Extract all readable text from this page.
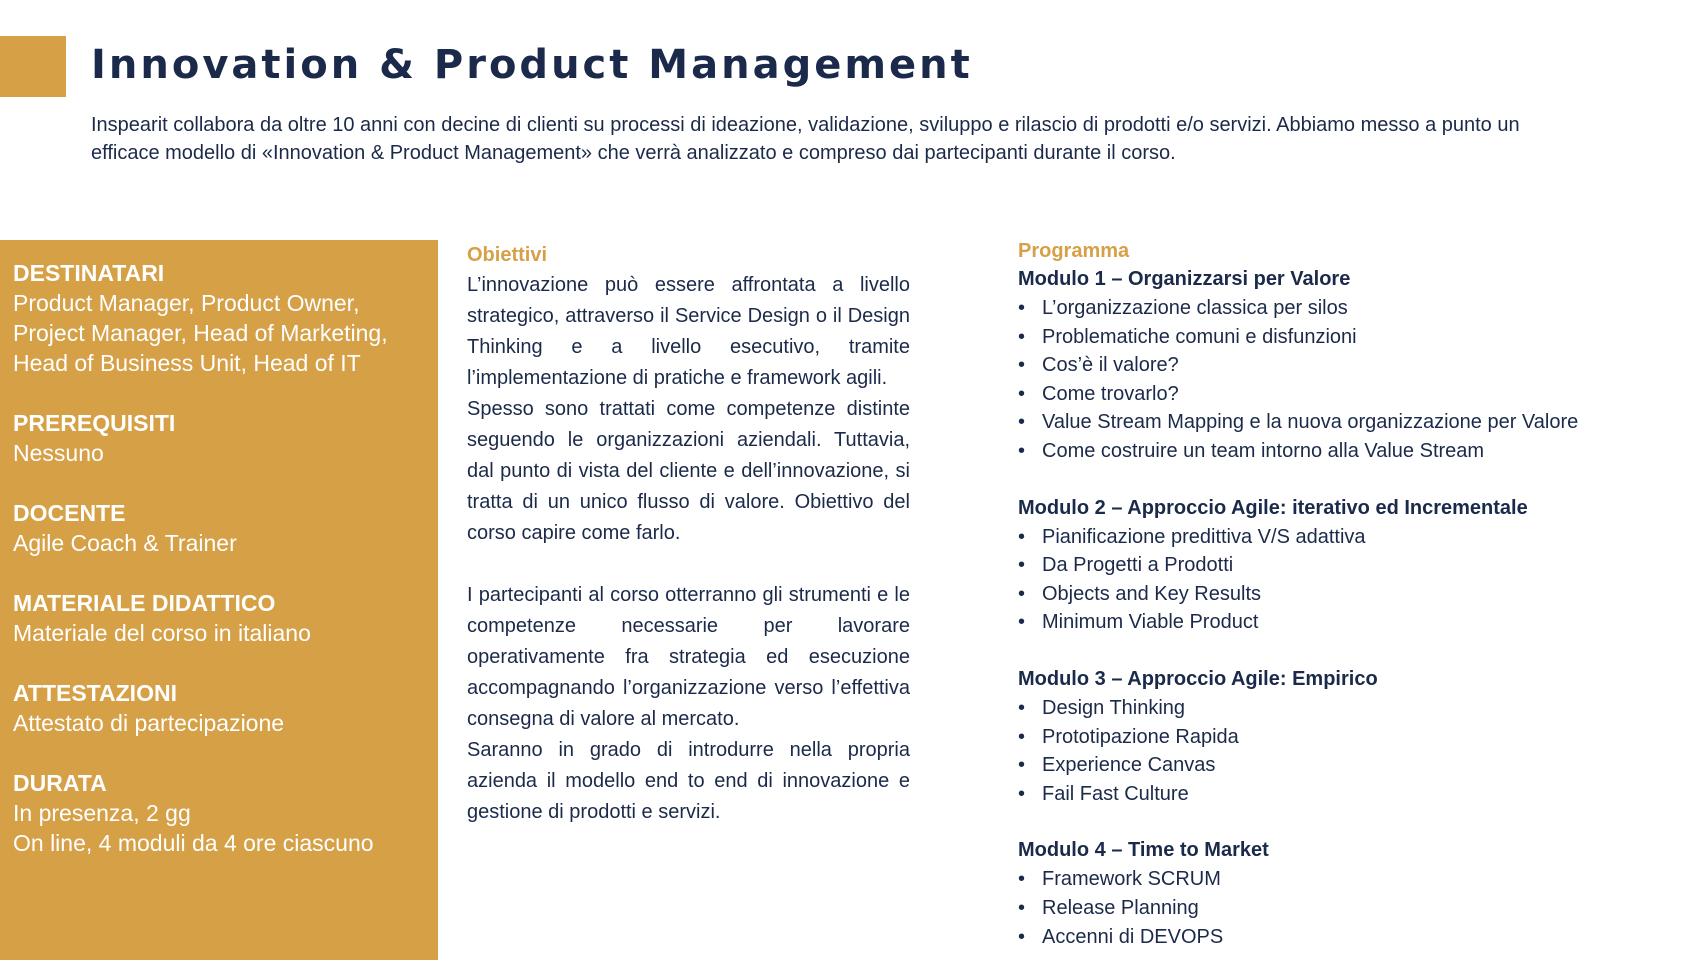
Innovation & Product Management

Inspearit collabora da oltre 10 anni con decine di clienti su processi di ideazione, validazione, sviluppo e rilascio di prodotti e/o servizi. Abbiamo messo a punto un efficace modello di «Innovation & Product Management» che verrà analizzato e compreso dai partecipanti durante il corso.

DESTINATARI
Product Manager, Product Owner,
Project Manager, Head of Marketing,
Head of Business Unit, Head of IT
PREREQUISITI
Nessuno
DOCENTE
Agile Coach & Trainer
MATERIALE DIDATTICO
Materiale del corso in italiano
ATTESTAZIONI
Attestato di partecipazione
DURATA
In presenza, 2 gg
On line, 4 moduli da 4 ore ciascuno
Obiettivi

L’innovazione può essere affrontata a livello strategico, attraverso il Service Design o il Design Thinking e a livello esecutivo, tramite l’implementazione di pratiche e framework agili.

Spesso sono trattati come competenze distinte seguendo le organizzazioni aziendali. Tuttavia, dal punto di vista del cliente e dell’innovazione, si tratta di un unico flusso di valore. Obiettivo del corso capire come farlo.

I partecipanti al corso otterranno gli strumenti e le competenze necessarie per lavorare operativamente fra strategia ed esecuzione accompagnando l’organizzazione verso l’effettiva consegna di valore al mercato.

Saranno in grado di introdurre nella propria azienda il modello end to end di innovazione e gestione di prodotti e servizi.

Programma
Modulo 1 – Organizzarsi per Valore
• L’organizzazione classica per silos
• Problematiche comuni e disfunzioni
• Cos’è il valore?
• Come trovarlo?
• Value Stream Mapping e la nuova organizzazione per Valore
• Come costruire un team intorno alla Value Stream
Modulo 2 – Approccio Agile: iterativo ed Incrementale
• Pianificazione predittiva V/S adattiva
• Da Progetti a Prodotti
• Objects and Key Results
• Minimum Viable Product
Modulo 3 – Approccio Agile: Empirico
• Design Thinking
• Prototipazione Rapida
• Experience Canvas
• Fail Fast Culture
Modulo 4 – Time to Market
• Framework SCRUM
• Release Planning
• Accenni di DEVOPS
